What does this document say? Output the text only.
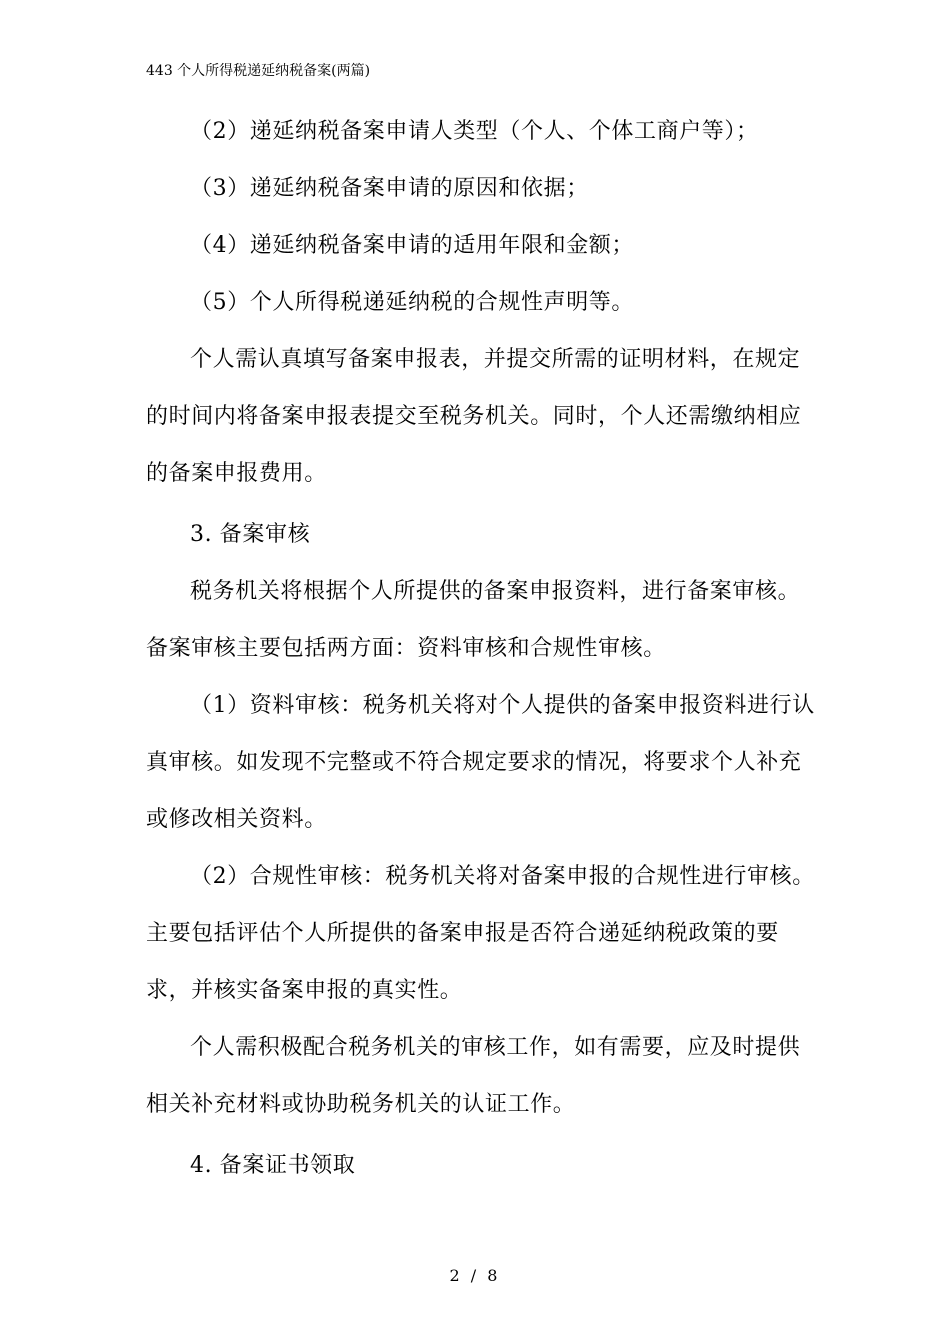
443 个人所得税递延纳税备案(两篇)
（2）递延纳税备案申请人类型（个人、个体工商户等）；
（3）递延纳税备案申请的原因和依据；
（4）递延纳税备案申请的适用年限和金额；
（5）个人所得税递延纳税的合规性声明等。
个人需认真填写备案申报表，并提交所需的证明材料，在规定
的时间内将备案申报表提交至税务机关。同时，个人还需缴纳相应
的备案申报费用。
3. 备案审核
税务机关将根据个人所提供的备案申报资料，进行备案审核。
备案审核主要包括两方面：资料审核和合规性审核。
（1）资料审核：税务机关将对个人提供的备案申报资料进行认
真审核。如发现不完整或不符合规定要求的情况，将要求个人补充
或修改相关资料。
（2）合规性审核：税务机关将对备案申报的合规性进行审核。
主要包括评估个人所提供的备案申报是否符合递延纳税政策的要
求，并核实备案申报的真实性。
个人需积极配合税务机关的审核工作，如有需要，应及时提供
相关补充材料或协助税务机关的认证工作。
4. 备案证书领取
2 / 8
